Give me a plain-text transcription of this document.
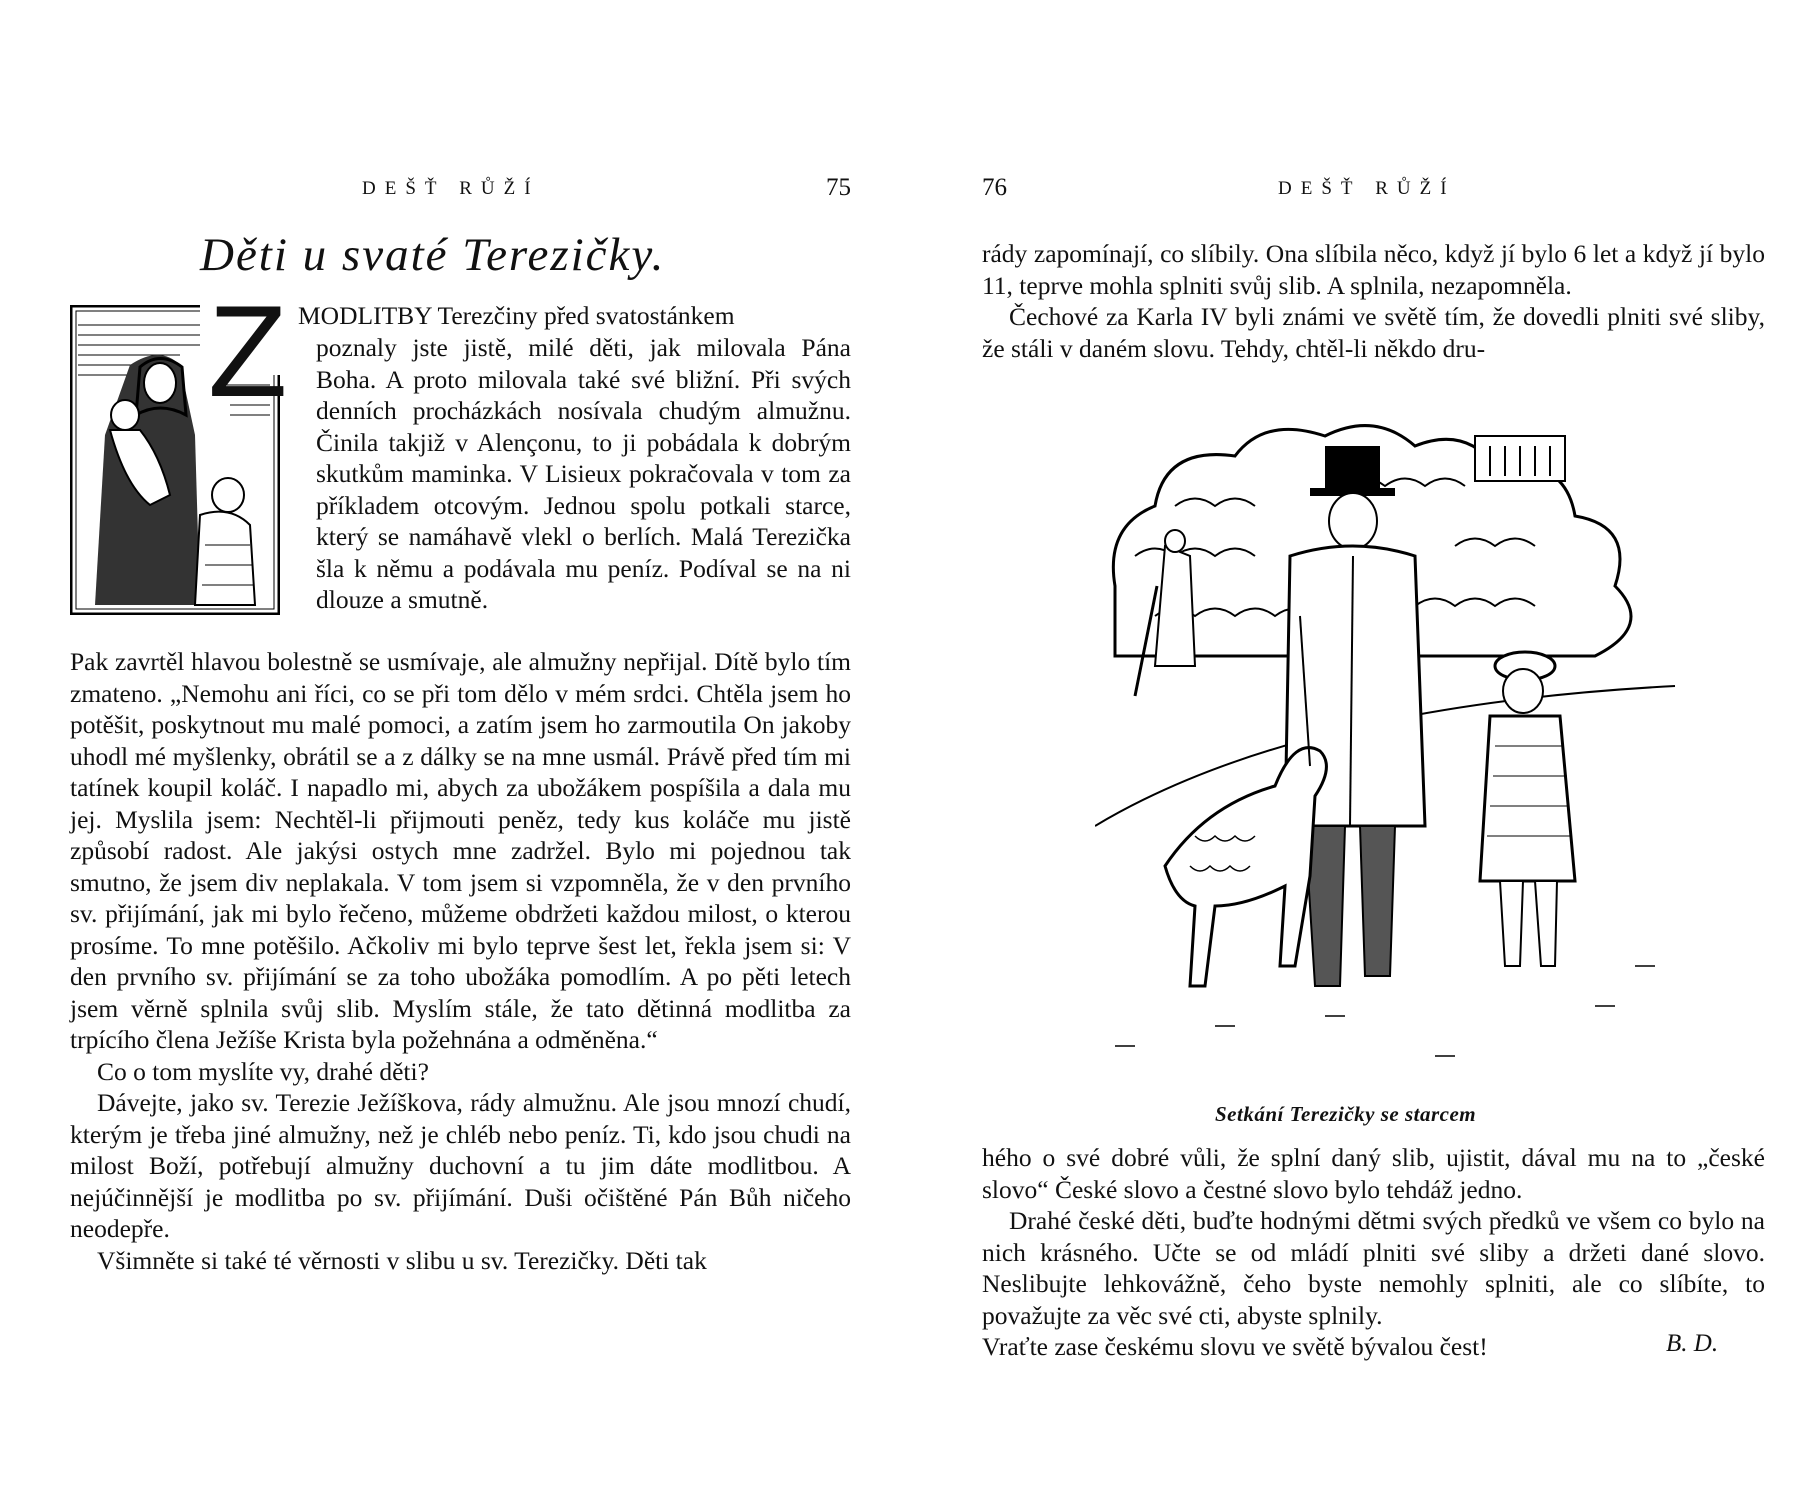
DEŠŤ RŮŽÍ	75
Děti u svaté Terezičky.
Z MODLITBY Terezčiny před svatostánkem

poznaly jste jistě, milé děti, jak milovala Pána Boha. A proto milovala také své bližní. Při svých denních procházkách nosívala chudým almužnu. Činila takjiž v Alençonu, to ji pobádala k dobrým skutkům maminka. V Lisieux pokračovala v tom za příkladem otcovým. Jednou spolu potkali starce, který se namáhavě vlekl o berlích. Malá Terezička šla k němu a podávala mu peníz. Podíval se na ni dlouze a smutně.

Pak zavrtěl hlavou bolestně se usmívaje, ale almužny nepřijal. Dítě bylo tím zmateno. „Nemohu ani říci, co se při tom dělo v mém srdci. Chtěla jsem ho potěšit, poskytnout mu malé pomoci, a zatím jsem ho zarmoutila On jakoby uhodl mé myšlenky, obrátil se a z dálky se na mne usmál. Právě před tím mi tatínek koupil koláč. I napadlo mi, abych za ubožákem pospíšila a dala mu jej. Myslila jsem: Nechtěl-li přijmouti peněz, tedy kus koláče mu jistě způsobí radost. Ale jakýsi ostych mne zadržel. Bylo mi pojednou tak smutno, že jsem div neplakala. V tom jsem si vzpomněla, že v den prvního sv. přijímání, jak mi bylo řečeno, můžeme obdržeti každou milost, o kterou prosíme. To mne potěšilo. Ačkoliv mi bylo teprve šest let, řekla jsem si: V den prvního sv. přijímání se za toho ubožáka pomodlím. A po pěti letech jsem věrně splnila svůj slib. Myslím stále, že tato dětinná modlitba za trpícího člena Ježíše Krista byla požehnána a odměněna.“

Co o tom myslíte vy, drahé děti?

Dávejte, jako sv. Terezie Ježíškova, rády almužnu. Ale jsou mnozí chudí, kterým je třeba jiné almužny, než je chléb nebo peníz. Ti, kdo jsou chudi na milost Boží, potřebují almužny duchovní a tu jim dáte modlitbou. A nejúčinnější je modlitba po sv. přijímání. Duši očištěné Pán Bůh ničeho neodepře.

Všimněte si také té věrnosti v slibu u sv. Terezičky. Děti tak

76	DEŠŤ RŮŽÍ

rády zapomínají, co slíbily. Ona slíbila něco, když jí bylo 6 let a když jí bylo 11, teprve mohla splniti svůj slib. A splnila, nezapomněla.

Čechové za Karla IV byli známi ve světě tím, že dovedli plniti své sliby, že stáli v daném slovu. Tehdy, chtěl-li někdo dru-

Setkání Terezičky se starcem

hého o své dobré vůli, že splní daný slib, ujistit, dával mu na to „české slovo“ České slovo a čestné slovo bylo tehdáž jedno.

Drahé české děti, buďte hodnými dětmi svých předků ve všem co bylo na nich krásného. Učte se od mládí plniti své sliby a držeti dané slovo. Neslibujte lehkovážně, čeho byste nemohly splniti, ale co slíbíte, to považujte za věc své cti, abyste splnily.

Vraťte zase českému slovu ve světě bývalou čest!	B. D.
